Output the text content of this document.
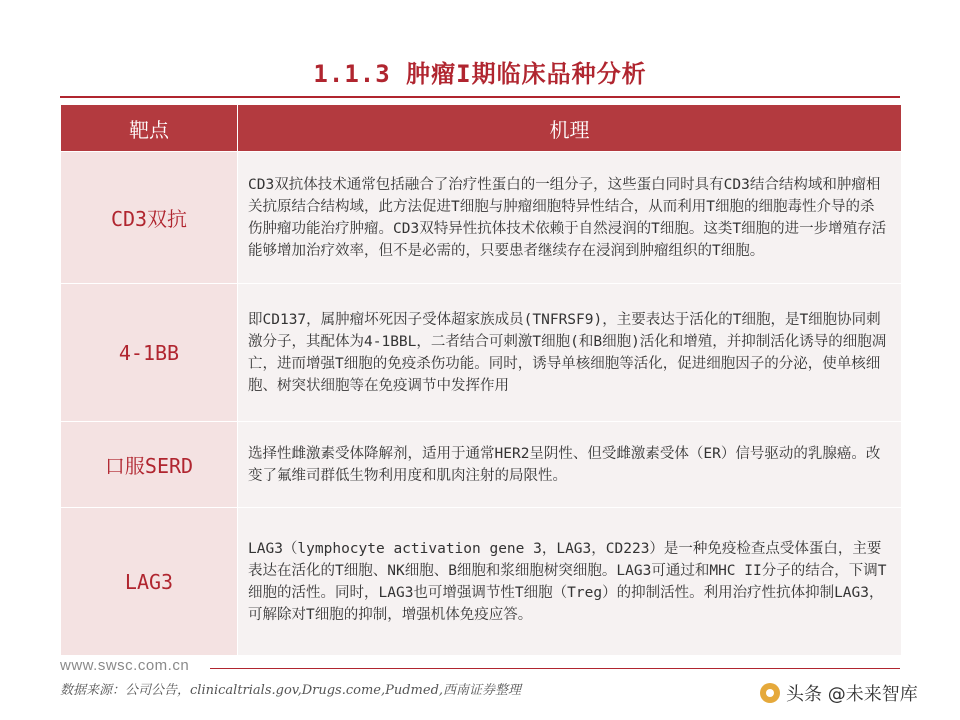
1.1.3 肿瘤I期临床品种分析
靶点	机理
CD3双抗	CD3双抗体技术通常包括融合了治疗性蛋白的一组分子，这些蛋白同时具有CD3结合结构域和肿瘤相关抗原结合结构域，此方法促进T细胞与肿瘤细胞特异性结合，从而利用T细胞的细胞毒性介导的杀伤肿瘤功能治疗肿瘤。CD3双特异性抗体技术依赖于自然浸润的T细胞。这类T细胞的进一步增殖存活能够增加治疗效率，但不是必需的，只要患者继续存在浸润到肿瘤组织的T细胞。
4-1BB	即CD137，属肿瘤坏死因子受体超家族成员(TNFRSF9)，主要表达于活化的T细胞，是T细胞协同刺激分子，其配体为4-1BBL，二者结合可刺激T细胞(和B细胞)活化和增殖，并抑制活化诱导的细胞凋亡，进而增强T细胞的免疫杀伤功能。同时，诱导单核细胞等活化，促进细胞因子的分泌，使单核细胞、树突状细胞等在免疫调节中发挥作用
口服SERD	选择性雌激素受体降解剂，适用于通常HER2呈阴性、但受雌激素受体（ER）信号驱动的乳腺癌。改变了氟维司群低生物利用度和肌肉注射的局限性。
LAG3	LAG3（lymphocyte activation gene 3，LAG3，CD223）是一种免疫检查点受体蛋白，主要表达在活化的T细胞、NK细胞、B细胞和浆细胞树突细胞。LAG3可通过和MHC II分子的结合，下调T细胞的活性。同时，LAG3也可增强调节性T细胞（Treg）的抑制活性。利用治疗性抗体抑制LAG3，可解除对T细胞的抑制，增强机体免疫应答。
www.swsc.com.cn
数据来源：公司公告，clinicaltrials.gov,Drugs.come,Pudmed,西南证券整理	头条 @未来智库
